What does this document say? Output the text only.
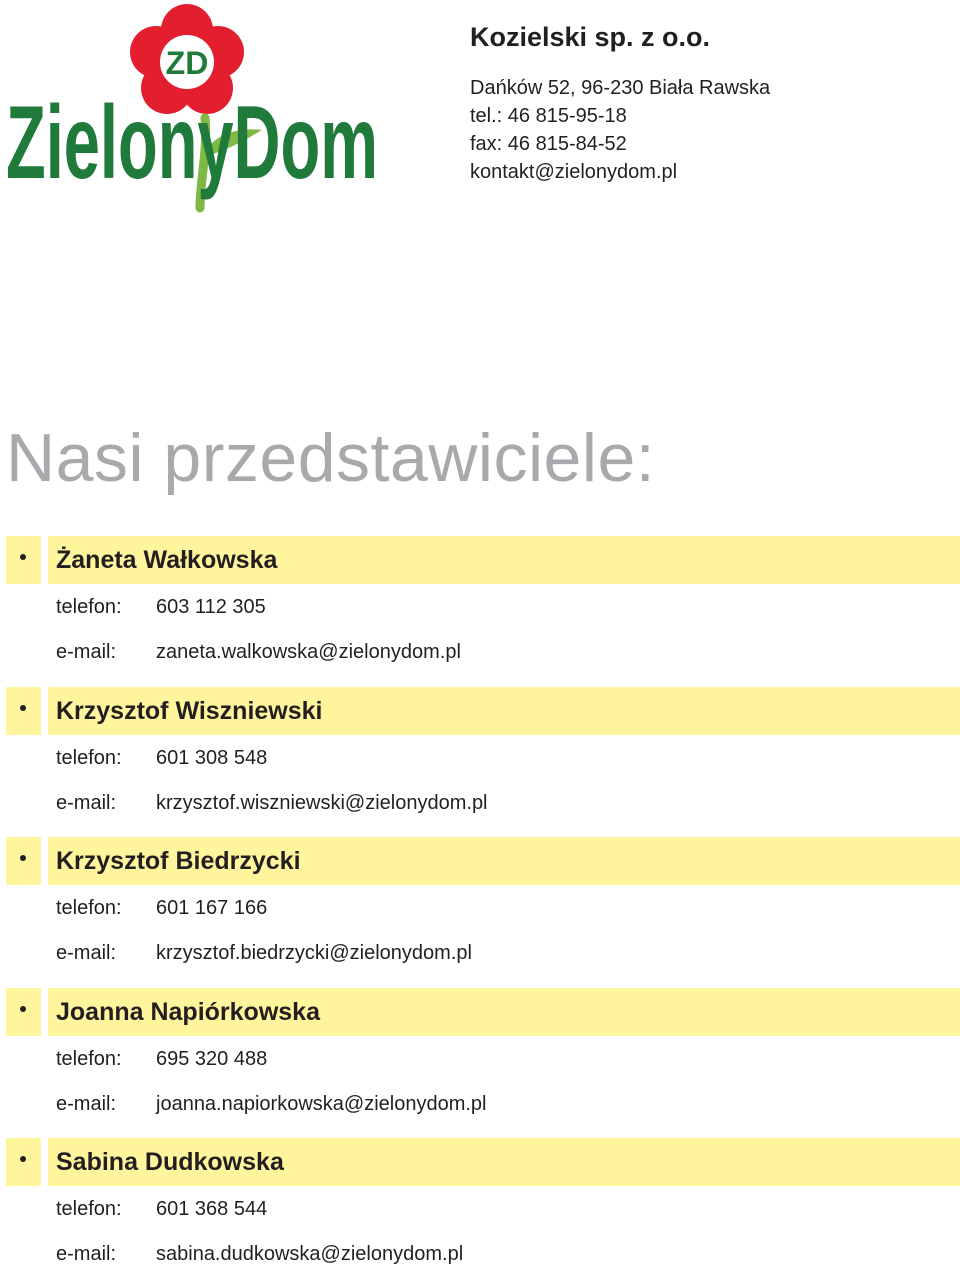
ZD
ZielonyDom
Kozielski sp. z o.o.
Dańków 52, 96-230 Biała Rawska
tel.: 46 815-95-18
fax: 46 815-84-52
kontakt@zielonydom.pl
Nasi przedstawiciele:
Żaneta Wałkowska
telefon: 603 112 305
e-mail: zaneta.walkowska@zielonydom.pl
Krzysztof Wiszniewski
telefon: 601 308 548
e-mail: krzysztof.wiszniewski@zielonydom.pl
Krzysztof Biedrzycki
telefon: 601 167 166
e-mail: krzysztof.biedrzycki@zielonydom.pl
Joanna Napiórkowska
telefon: 695 320 488
e-mail: joanna.napiorkowska@zielonydom.pl
Sabina Dudkowska
telefon: 601 368 544
e-mail: sabina.dudkowska@zielonydom.pl
